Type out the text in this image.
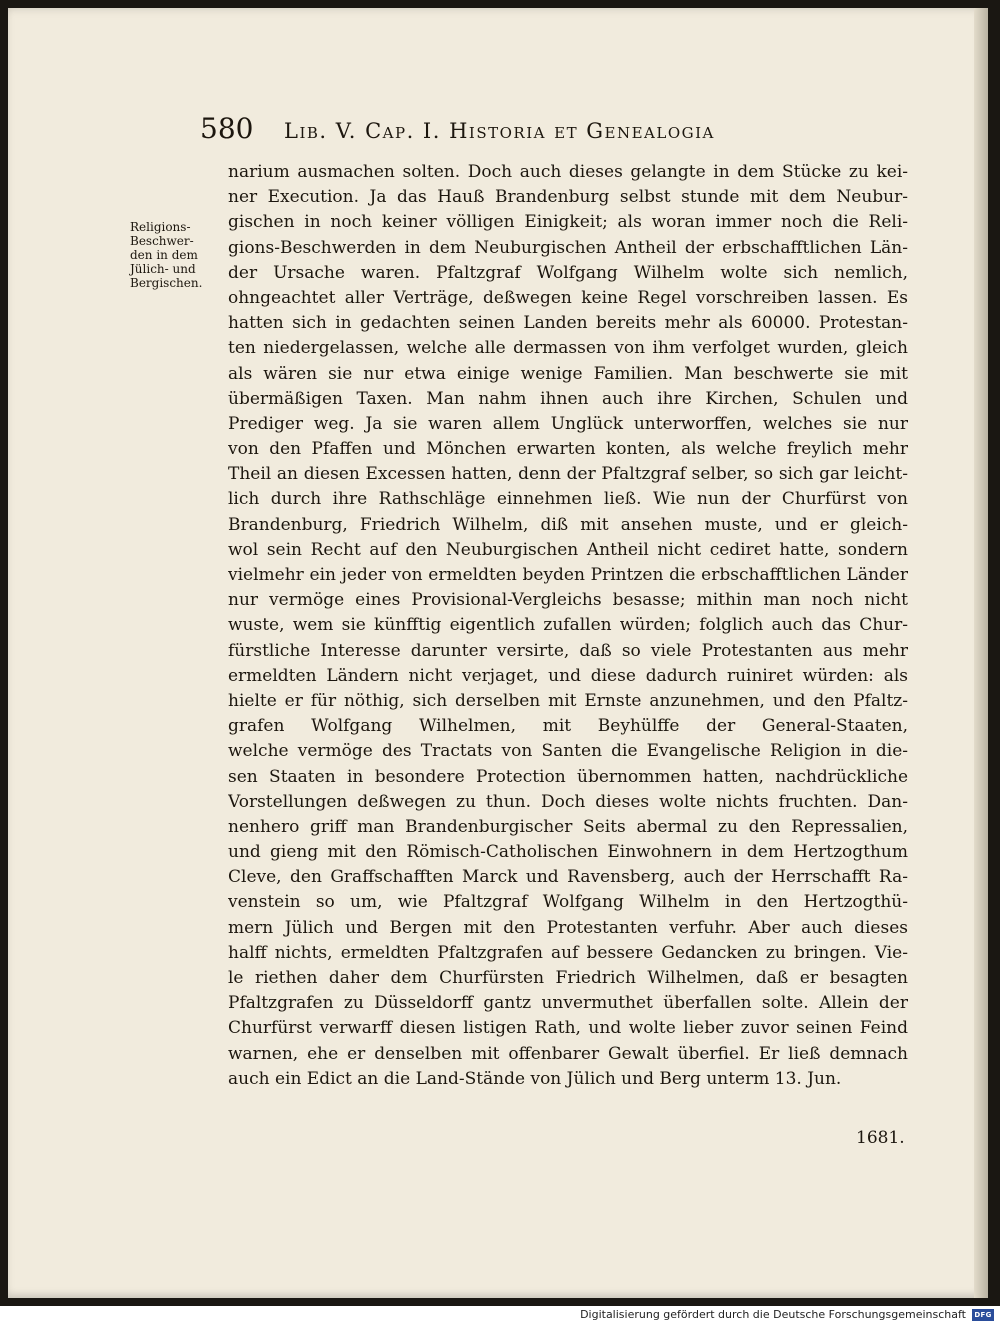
580	Lib. V. Cap. I. Historia et Genealogia
Religions-
Beschwer-
den in dem
Jülich- und
Bergischen.
narium ausmachen solten. Doch auch dieses gelangte in dem Stücke zu kei-
ner Execution. Ja das Hauß Brandenburg selbst stunde mit dem Neubur-
gischen in noch keiner völligen Einigkeit; als woran immer noch die Reli-
gions-Beschwerden in dem Neuburgischen Antheil der erbschafftlichen Län-
der Ursache waren. Pfaltzgraf Wolfgang Wilhelm wolte sich nemlich,
ohngeachtet aller Verträge, deßwegen keine Regel vorschreiben lassen. Es
hatten sich in gedachten seinen Landen bereits mehr als 60000. Protestan-
ten niedergelassen, welche alle dermassen von ihm verfolget wurden, gleich
als wären sie nur etwa einige wenige Familien. Man beschwerte sie mit
übermäßigen Taxen. Man nahm ihnen auch ihre Kirchen, Schulen und
Prediger weg. Ja sie waren allem Unglück unterworffen, welches sie nur
von den Pfaffen und Mönchen erwarten konten, als welche freylich mehr
Theil an diesen Excessen hatten, denn der Pfaltzgraf selber, so sich gar leicht-
lich durch ihre Rathschläge einnehmen ließ. Wie nun der Churfürst von
Brandenburg, Friedrich Wilhelm, diß mit ansehen muste, und er gleich-
wol sein Recht auf den Neuburgischen Antheil nicht cediret hatte, sondern
vielmehr ein jeder von ermeldten beyden Printzen die erbschafftlichen Länder
nur vermöge eines Provisional-Vergleichs besasse; mithin man noch nicht
wuste, wem sie künfftig eigentlich zufallen würden; folglich auch das Chur-
fürstliche Interesse darunter versirte, daß so viele Protestanten aus mehr
ermeldten Ländern nicht verjaget, und diese dadurch ruiniret würden: als
hielte er für nöthig, sich derselben mit Ernste anzunehmen, und den Pfaltz-
grafen Wolfgang Wilhelmen, mit Beyhülffe der General-Staaten,
welche vermöge des Tractats von Santen die Evangelische Religion in die-
sen Staaten in besondere Protection übernommen hatten, nachdrückliche
Vorstellungen deßwegen zu thun. Doch dieses wolte nichts fruchten. Dan-
nenhero griff man Brandenburgischer Seits abermal zu den Repressalien,
und gieng mit den Römisch-Catholischen Einwohnern in dem Hertzogthum
Cleve, den Graffschafften Marck und Ravensberg, auch der Herrschafft Ra-
venstein so um, wie Pfaltzgraf Wolfgang Wilhelm in den Hertzogthü-
mern Jülich und Bergen mit den Protestanten verfuhr. Aber auch dieses
halff nichts, ermeldten Pfaltzgrafen auf bessere Gedancken zu bringen. Vie-
le riethen daher dem Churfürsten Friedrich Wilhelmen, daß er besagten
Pfaltzgrafen zu Düsseldorff gantz unvermuthet überfallen solte. Allein der
Churfürst verwarff diesen listigen Rath, und wolte lieber zuvor seinen Feind
warnen, ehe er denselben mit offenbarer Gewalt überfiel. Er ließ demnach
auch ein Edict an die Land-Stände von Jülich und Berg unterm 13. Jun.
1681.
Digitalisierung gefördert durch die Deutsche Forschungsgemeinschaft	DFG
